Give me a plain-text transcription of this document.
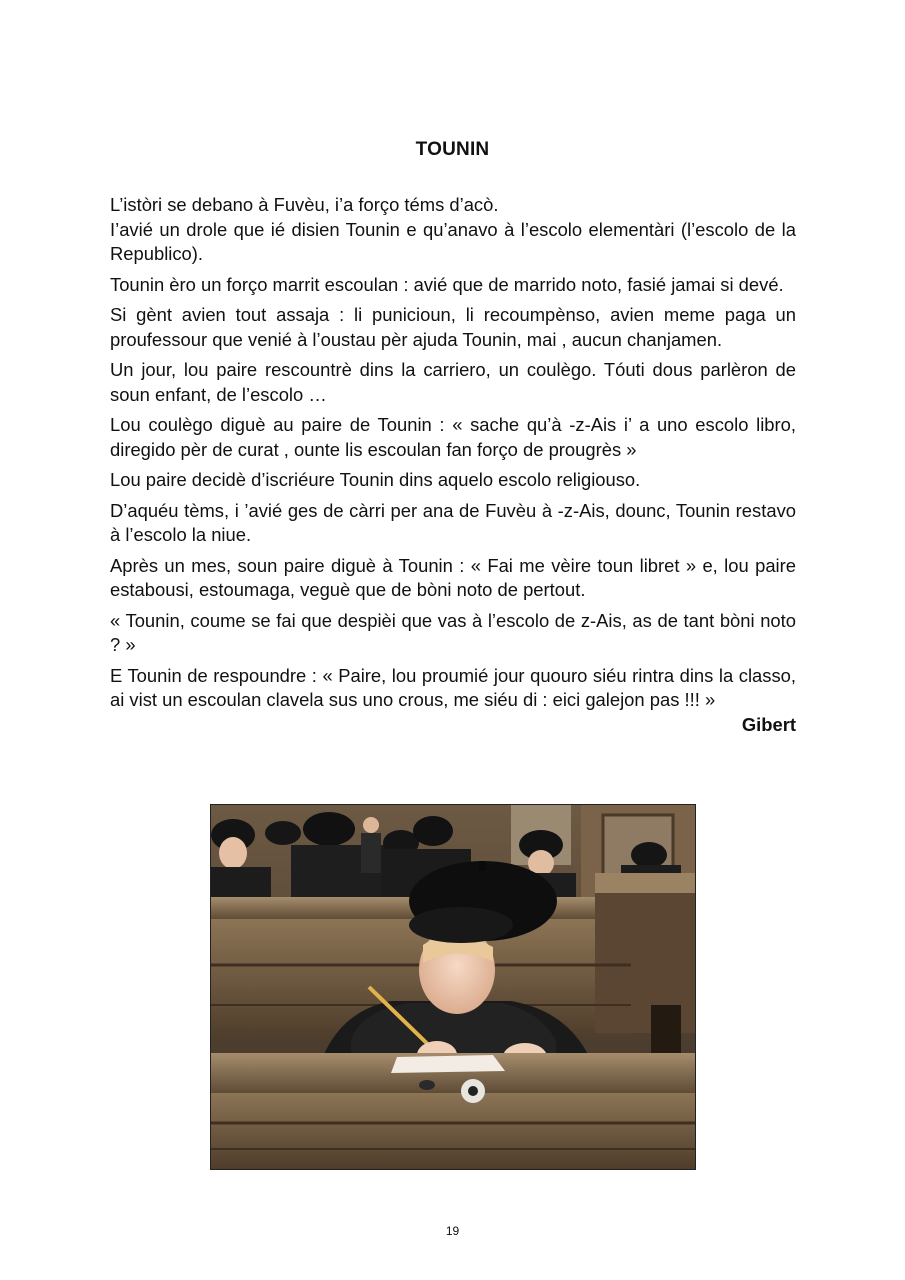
TOUNIN

L’istòri se debano à Fuvèu, i’a forço téms d’acò.

I’avié un drole que ié disien Tounin e qu’anavo à l’escolo elementàri (l’escolo de la Republico).

Tounin èro un forço marrit escoulan : avié que de marrido noto, fasié jamai si devé.

Si gènt avien tout assaja : li punicioun, li recoumpènso, avien meme paga un proufessour que venié à l’oustau pèr ajuda Tounin, mai , aucun chanjamen.

Un jour, lou paire rescountrè dins la carriero, un coulègo. Tóuti dous parlèron de soun enfant, de l’escolo …

Lou coulègo diguè au paire de Tounin : « sache qu’à -z-Ais i’ a uno escolo libro, diregido pèr de curat , ounte lis escoulan fan forço de prougrès »

Lou paire decidè d’iscriéure Tounin dins aquelo escolo religiouso.

D’aquéu tèms, i ’avié ges de càrri per ana de Fuvèu à -z-Ais, dounc, Tounin restavo à l’escolo la niue.

Après un mes, soun paire diguè à Tounin : « Fai me vèire toun libret » e, lou paire estabousi, estoumaga, veguè que de bòni noto de pertout.

« Tounin, coume se fai que despièi que vas à l’escolo de z-Ais, as de tant bòni noto ? »

E Tounin de respoundre : « Paire, lou proumié jour quouro siéu rintra dins la classo, ai vist un escoulan clavela sus uno crous, me siéu di : eici galejon pas !!! »

Gibert

19
